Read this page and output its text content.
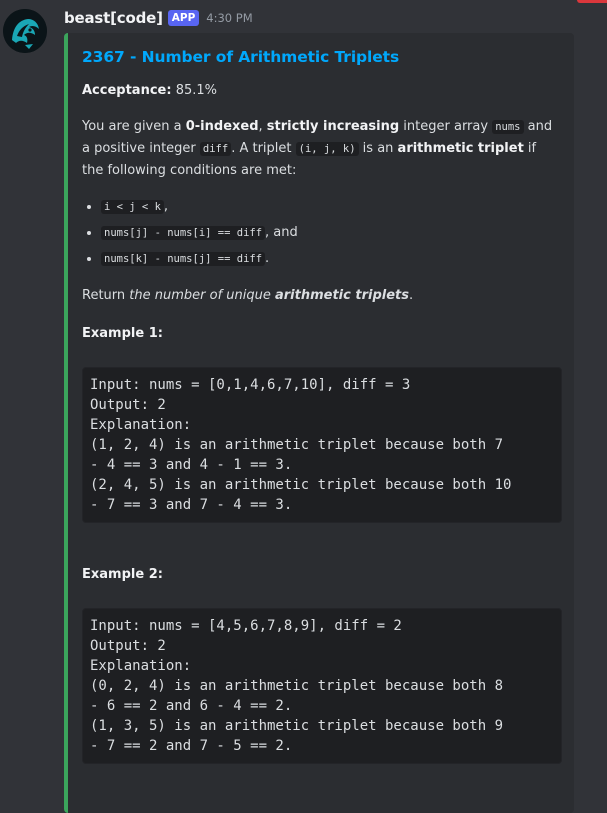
beast[code] APP 4:30 PM
2367 - Number of Arithmetic Triplets
Acceptance: 85.1%
You are given a 0-indexed, strictly increasing integer array nums and a positive integer diff . A triplet (i, j, k) is an arithmetic triplet if the following conditions are met:
• i < j < k ,
• nums[j] - nums[i] == diff , and
• nums[k] - nums[j] == diff .
Return the number of unique arithmetic triplets.
Example 1:
Input: nums = [0,1,4,6,7,10], diff = 3
Output: 2
Explanation:
(1, 2, 4) is an arithmetic triplet because both 7
- 4 == 3 and 4 - 1 == 3.
(2, 4, 5) is an arithmetic triplet because both 10
- 7 == 3 and 7 - 4 == 3.
Example 2:
Input: nums = [4,5,6,7,8,9], diff = 2
Output: 2
Explanation:
(0, 2, 4) is an arithmetic triplet because both 8
- 6 == 2 and 6 - 4 == 2.
(1, 3, 5) is an arithmetic triplet because both 9
- 7 == 2 and 7 - 5 == 2.
